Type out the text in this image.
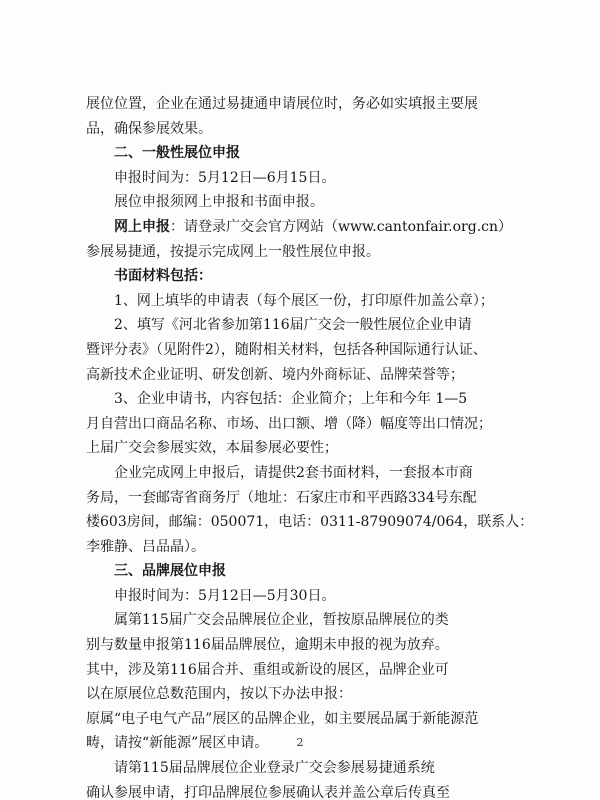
展位位置，企业在通过易捷通申请展位时，务必如实填报主要展
品，确保参展效果。
二、一般性展位申报
申报时间为：5月12日—6月15日。
展位申报须网上申报和书面申报。
网上申报：请登录广交会官方网站（www.cantonfair.org.cn）
参展易捷通，按提示完成网上一般性展位申报。
书面材料包括：
1、网上填毕的申请表（每个展区一份，打印原件加盖公章）；
2、填写《河北省参加第116届广交会一般性展位企业申请
暨评分表》（见附件2），随附相关材料，包括各种国际通行认证、
高新技术企业证明、研发创新、境内外商标证、品牌荣誉等；
3、企业申请书，内容包括：企业简介；上年和今年 1—5
月自营出口商品名称、市场、出口额、增（降）幅度等出口情况；
上届广交会参展实效，本届参展必要性；
企业完成网上申报后，请提供2套书面材料，一套报本市商
务局，一套邮寄省商务厅（地址：石家庄市和平西路334号东配
楼603房间，邮编：050071，电话：0311-87909074/064，联系人：
李雅静、吕品晶）。
三、品牌展位申报
申报时间为：5月12日—5月30日。
属第115届广交会品牌展位企业，暂按原品牌展位的类
别与数量申报第116届品牌展位，逾期未申报的视为放弃。
其中，涉及第116届合并、重组或新设的展区，品牌企业可
以在原展位总数范围内，按以下办法申报：
原属“电子电气产品”展区的品牌企业，如主要展品属于新能源范
畴，请按“新能源”展区申请。
请第115届品牌展位企业登录广交会参展易捷通系统
确认参展申请，打印品牌展位参展确认表并盖公章后传真至
2
